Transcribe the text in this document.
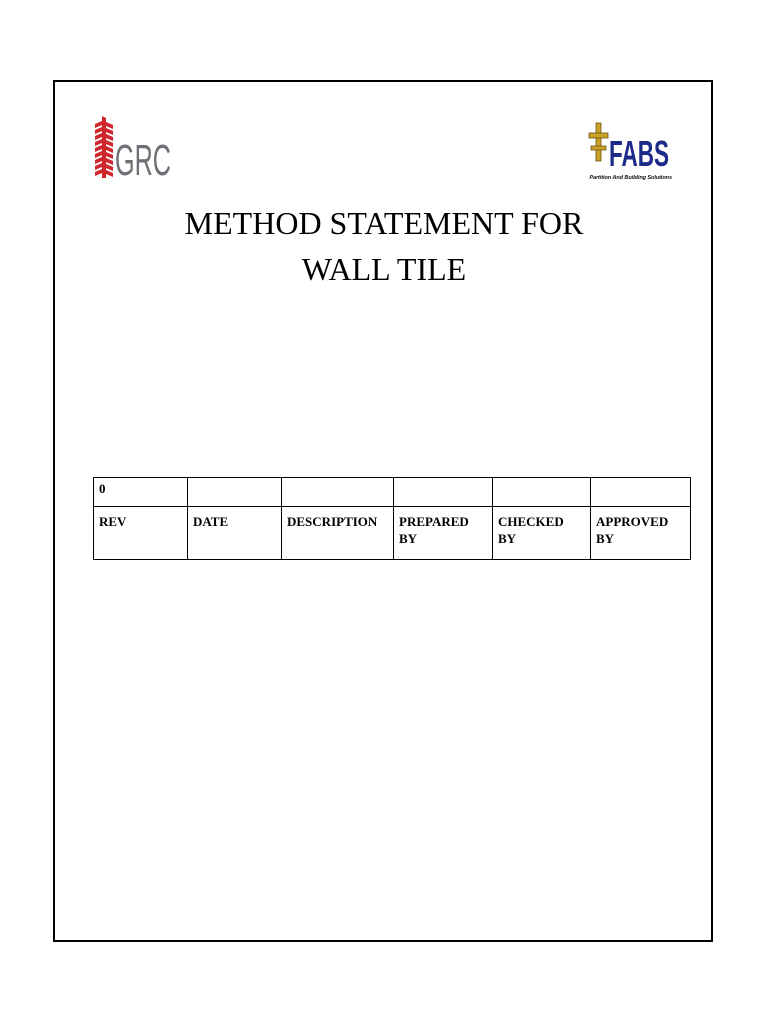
GRC	FABS
Partition And Building Solutions
METHOD STATEMENT FOR
WALL TILE
0					
REV	DATE	DESCRIPTION	PREPARED BY	CHECKED BY	APPROVED BY
